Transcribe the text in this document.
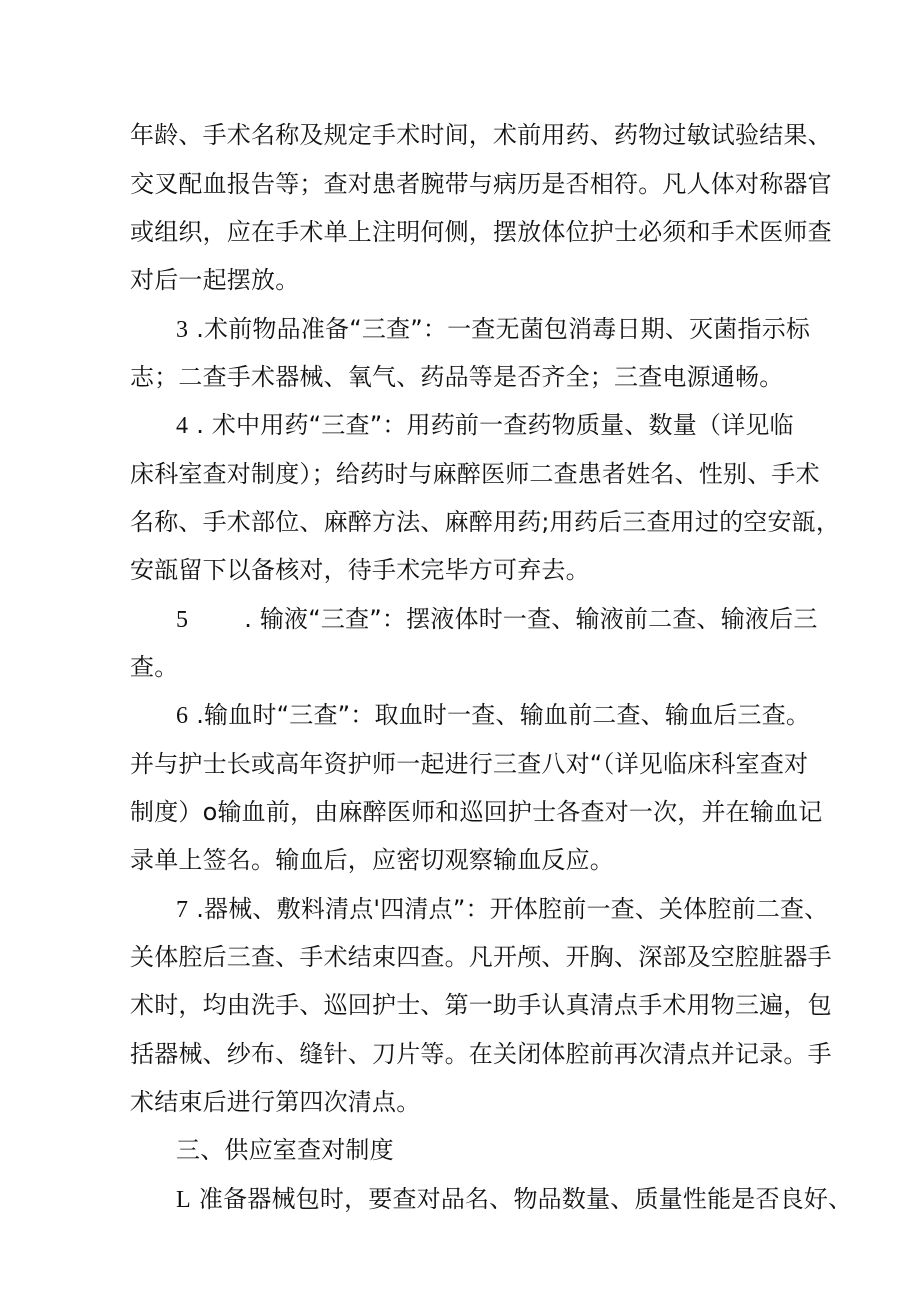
年龄、手术名称及规定手术时间，术前用药、药物过敏试验结果、
交叉配血报告等；查对患者腕带与病历是否相符。凡人体对称器官
或组织，应在手术单上注明何侧，摆放体位护士必须和手术医师查
对后一起摆放。
3 .术前物品准备“三查”：一查无菌包消毒日期、灭菌指示标
志；二查手术器械、氧气、药品等是否齐全；三查电源通畅。
4 . 术中用药“三查”：用药前一查药物质量、数量（详见临
床科室查对制度）；给药时与麻醉医师二查患者姓名、性别、手术
名称、手术部位、麻醉方法、麻醉用药;用药后三查用过的空安瓿，
安瓿留下以备核对，待手术完毕方可弃去。
5 . 输液“三查”：摆液体时一查、输液前二查、输液后三
查。
6 .输血时“三查”：取血时一查、输血前二查、输血后三查。
并与护士长或高年资护师一起进行三查八对“（详见临床科室查对
制度）o输血前，由麻醉医师和巡回护士各查对一次，并在输血记
录单上签名。输血后，应密切观察输血反应。
7 .器械、敷料清点'四清点”：开体腔前一查、关体腔前二查、
关体腔后三查、手术结束四查。凡开颅、开胸、深部及空腔脏器手
术时，均由洗手、巡回护士、第一助手认真清点手术用物三遍，包
括器械、纱布、缝针、刀片等。在关闭体腔前再次清点并记录。手
术结束后进行第四次清点。
三、供应室查对制度
L 准备器械包时，要查对品名、物品数量、质量性能是否良好、
